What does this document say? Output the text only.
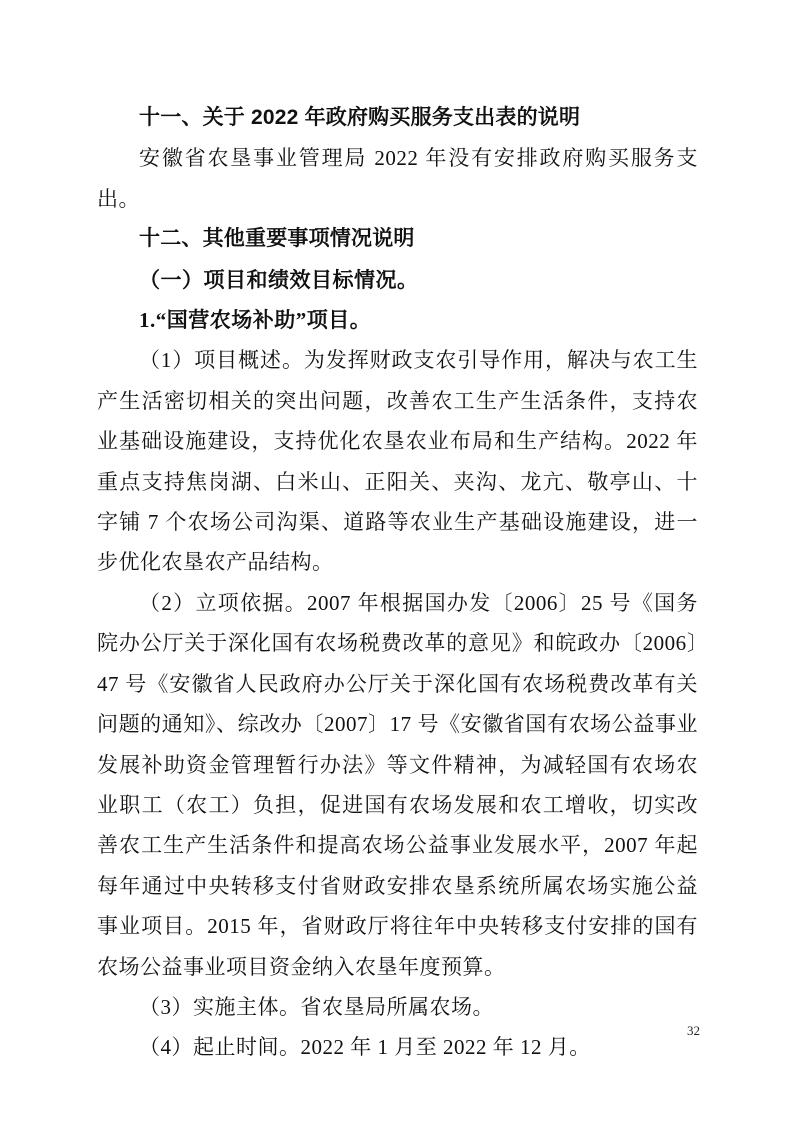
十一、关于 2022 年政府购买服务支出表的说明

安徽省农垦事业管理局 2022 年没有安排政府购买服务支出。

十二、其他重要事项情况说明

（一）项目和绩效目标情况。

1.“国营农场补助”项目。

（1）项目概述。为发挥财政支农引导作用，解决与农工生产生活密切相关的突出问题，改善农工生产生活条件，支持农业基础设施建设，支持优化农垦农业布局和生产结构。2022 年重点支持焦岗湖、白米山、正阳关、夹沟、龙亢、敬亭山、十字铺 7 个农场公司沟渠、道路等农业生产基础设施建设，进一步优化农垦农产品结构。

（2）立项依据。2007 年根据国办发〔2006〕25 号《国务院办公厅关于深化国有农场税费改革的意见》和皖政办〔2006〕47 号《安徽省人民政府办公厅关于深化国有农场税费改革有关问题的通知》、综改办〔2007〕17 号《安徽省国有农场公益事业发展补助资金管理暂行办法》等文件精神，为减轻国有农场农业职工（农工）负担，促进国有农场发展和农工增收，切实改善农工生产生活条件和提高农场公益事业发展水平，2007 年起每年通过中央转移支付省财政安排农垦系统所属农场实施公益事业项目。2015 年，省财政厅将往年中央转移支付安排的国有农场公益事业项目资金纳入农垦年度预算。

（3）实施主体。省农垦局所属农场。

（4）起止时间。2022 年 1 月至 2022 年 12 月。

32
